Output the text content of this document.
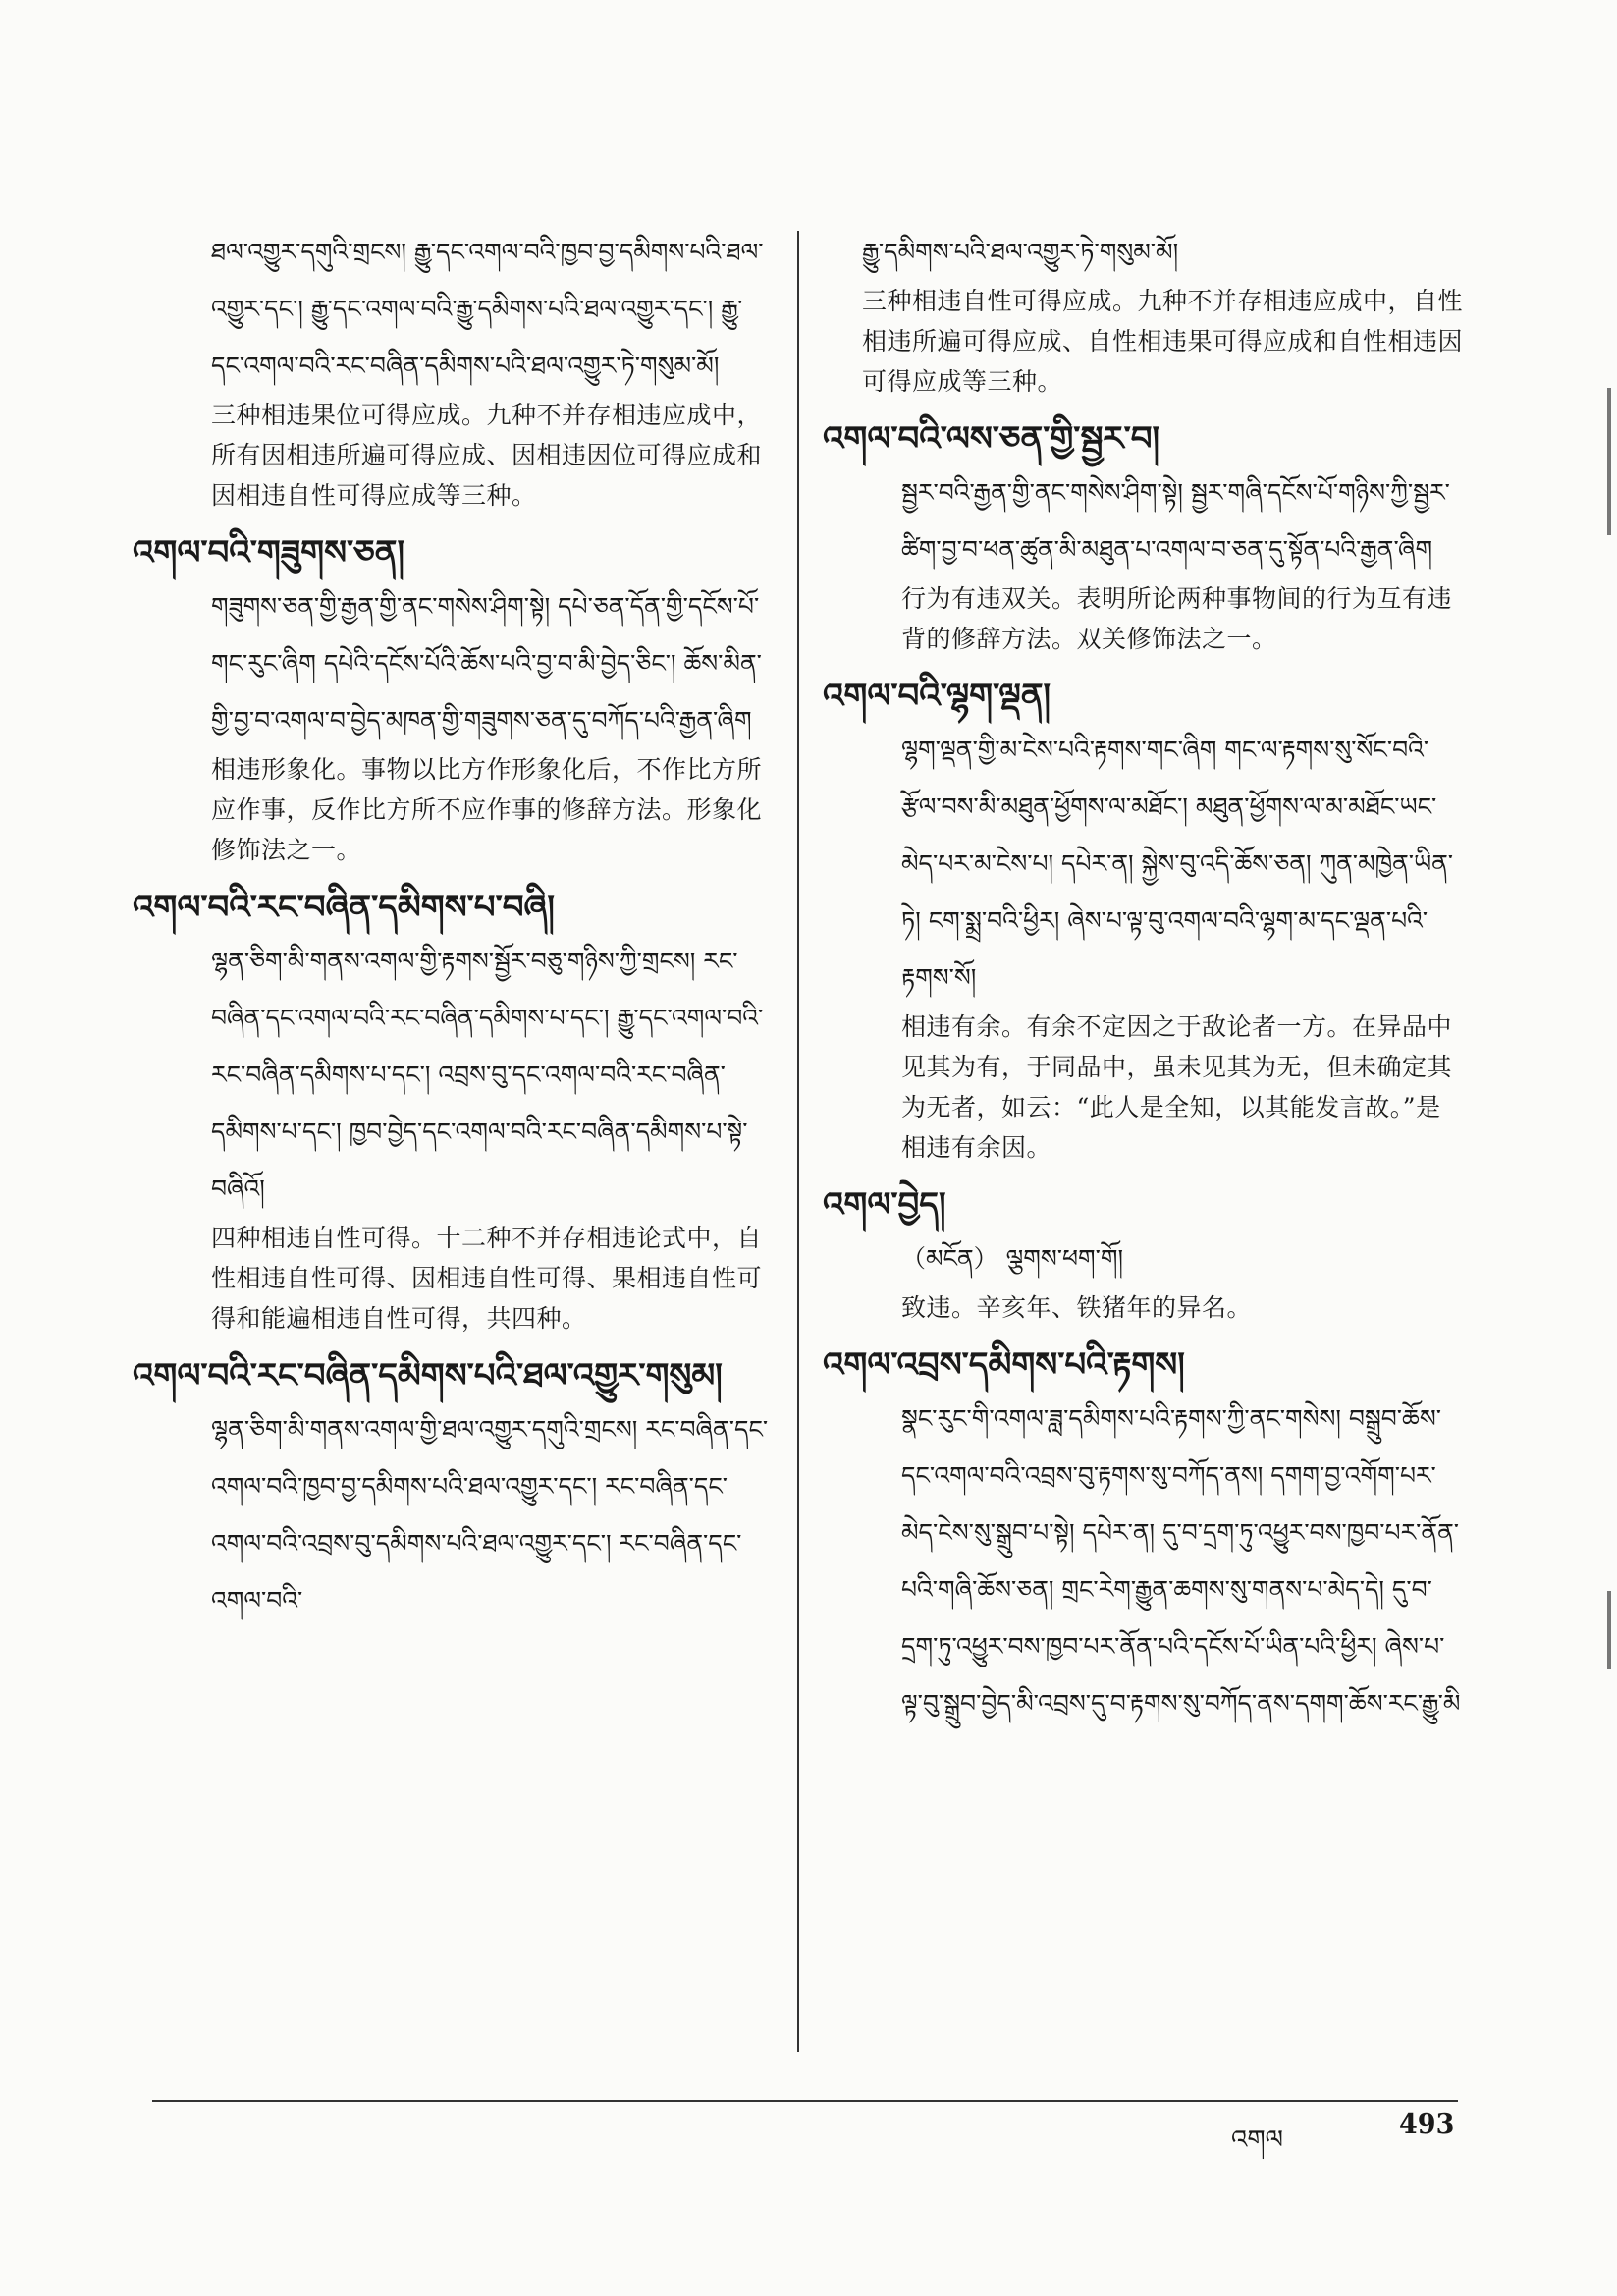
ཐལ་འགྱུར་དགུའི་གྲངས། རྒྱུ་དང་འགལ་བའི་ཁྱབ་བྱ་དམིགས་པའི་ཐལ་འགྱུར་དང་། རྒྱུ་དང་འགལ་བའི་རྒྱུ་དམིགས་པའི་ཐལ་འགྱུར་དང་། རྒྱུ་དང་འགལ་བའི་རང་བཞིན་དམིགས་པའི་ཐལ་འགྱུར་ཏེ་གསུམ་མོ།
三种相违果位可得应成。九种不并存相违应成中，所有因相违所遍可得应成、因相违因位可得应成和因相违自性可得应成等三种。
འགལ་བའི་གཟུགས་ཅན།
གཟུགས་ཅན་གྱི་རྒྱན་གྱི་ནང་གསེས་ཤིག་སྟེ། དཔེ་ཅན་དོན་གྱི་དངོས་པོ་གང་རུང་ཞིག དཔེའི་དངོས་པོའི་ཆོས་པའི་བྱ་བ་མི་བྱེད་ཅིང་། ཆོས་མིན་གྱི་བྱ་བ་འགལ་བ་བྱེད་མཁན་གྱི་གཟུགས་ཅན་དུ་བཀོད་པའི་རྒྱན་ཞིག
相违形象化。事物以比方作形象化后，不作比方所应作事，反作比方所不应作事的修辞方法。形象化修饰法之一。
འགལ་བའི་རང་བཞིན་དམིགས་པ་བཞི།
ལྷན་ཅིག་མི་གནས་འགལ་གྱི་རྟགས་སྦྱོར་བཅུ་གཉིས་ཀྱི་གྲངས། རང་བཞིན་དང་འགལ་བའི་རང་བཞིན་དམིགས་པ་དང་། རྒྱུ་དང་འགལ་བའི་རང་བཞིན་དམིགས་པ་དང་། འབྲས་བུ་དང་འགལ་བའི་རང་བཞིན་དམིགས་པ་དང་། ཁྱབ་བྱེད་དང་འགལ་བའི་རང་བཞིན་དམིགས་པ་སྟེ་བཞིའོ།
四种相违自性可得。十二种不并存相违论式中，自性相违自性可得、因相违自性可得、果相违自性可得和能遍相违自性可得，共四种。
འགལ་བའི་རང་བཞིན་དམིགས་པའི་ཐལ་འགྱུར་གསུམ།
ལྷན་ཅིག་མི་གནས་འགལ་གྱི་ཐལ་འགྱུར་དགུའི་གྲངས། རང་བཞིན་དང་འགལ་བའི་ཁྱབ་བྱ་དམིགས་པའི་ཐལ་འགྱུར་དང་། རང་བཞིན་དང་འགལ་བའི་འབྲས་བུ་དམིགས་པའི་ཐལ་འགྱུར་དང་། རང་བཞིན་དང་འགལ་བའི་
རྒྱུ་དམིགས་པའི་ཐལ་འགྱུར་ཏེ་གསུམ་མོ།
三种相违自性可得应成。九种不并存相违应成中，自性相违所遍可得应成、自性相违果可得应成和自性相违因可得应成等三种。
འགལ་བའི་ལས་ཅན་གྱི་སྦྱར་བ།
སྦྱར་བའི་རྒྱན་གྱི་ནང་གསེས་ཤིག་སྟེ། སྦྱར་གཞི་དངོས་པོ་གཉིས་ཀྱི་སྦྱར་ཚིག་བྱ་བ་ཕན་ཚུན་མི་མཐུན་པ་འགལ་བ་ཅན་དུ་སྟོན་པའི་རྒྱན་ཞིག
行为有违双关。表明所论两种事物间的行为互有违背的修辞方法。双关修饰法之一。
འགལ་བའི་ལྷག་ལྡན།
ལྷག་ལྡན་གྱི་མ་ངེས་པའི་རྟགས་གང་ཞིག གང་ལ་རྟགས་སུ་སོང་བའི་རྩོལ་བས་མི་མཐུན་ཕྱོགས་ལ་མཐོང་། མཐུན་ཕྱོགས་ལ་མ་མཐོང་ཡང་མེད་པར་མ་ངེས་པ། དཔེར་ན། སྐྱེས་བུ་འདི་ཆོས་ཅན། ཀུན་མཁྱེན་ཡིན་ཏེ། ངག་སྨྲ་བའི་ཕྱིར། ཞེས་པ་ལྟ་བུ་འགལ་བའི་ལྷག་མ་དང་ལྡན་པའི་རྟགས་སོ།
相违有余。有余不定因之于敌论者一方。在异品中见其为有，于同品中，虽未见其为无，但未确定其为无者，如云：“此人是全知，以其能发言故。”是相违有余因。
འགལ་བྱེད།
（མངོན） ལྕགས་ཕག་གོ།
致违。辛亥年、铁猪年的异名。
འགལ་འབྲས་དམིགས་པའི་རྟགས།
སྣང་རུང་གི་འགལ་ཟླ་དམིགས་པའི་རྟགས་ཀྱི་ནང་གསེས། བསྒྲུབ་ཆོས་དང་འགལ་བའི་འབྲས་བུ་རྟགས་སུ་བཀོད་ནས། དགག་བྱ་འགོག་པར་མེད་ངེས་སུ་སྒྲུབ་པ་སྟེ། དཔེར་ན། དུ་བ་དྲག་ཏུ་འཕྱུར་བས་ཁྱབ་པར་ནོན་པའི་གཞི་ཆོས་ཅན། གྲང་རེག་རྒྱུན་ཆགས་སུ་གནས་པ་མེད་དེ། དུ་བ་དྲག་ཏུ་འཕྱུར་བས་ཁྱབ་པར་ནོན་པའི་དངོས་པོ་ཡིན་པའི་ཕྱིར། ཞེས་པ་ལྟ་བུ་སྒྲུབ་བྱེད་མི་འབྲས་དུ་བ་རྟགས་སུ་བཀོད་ནས་དགག་ཆོས་རང་རྒྱུ་མི
འགལ	493
